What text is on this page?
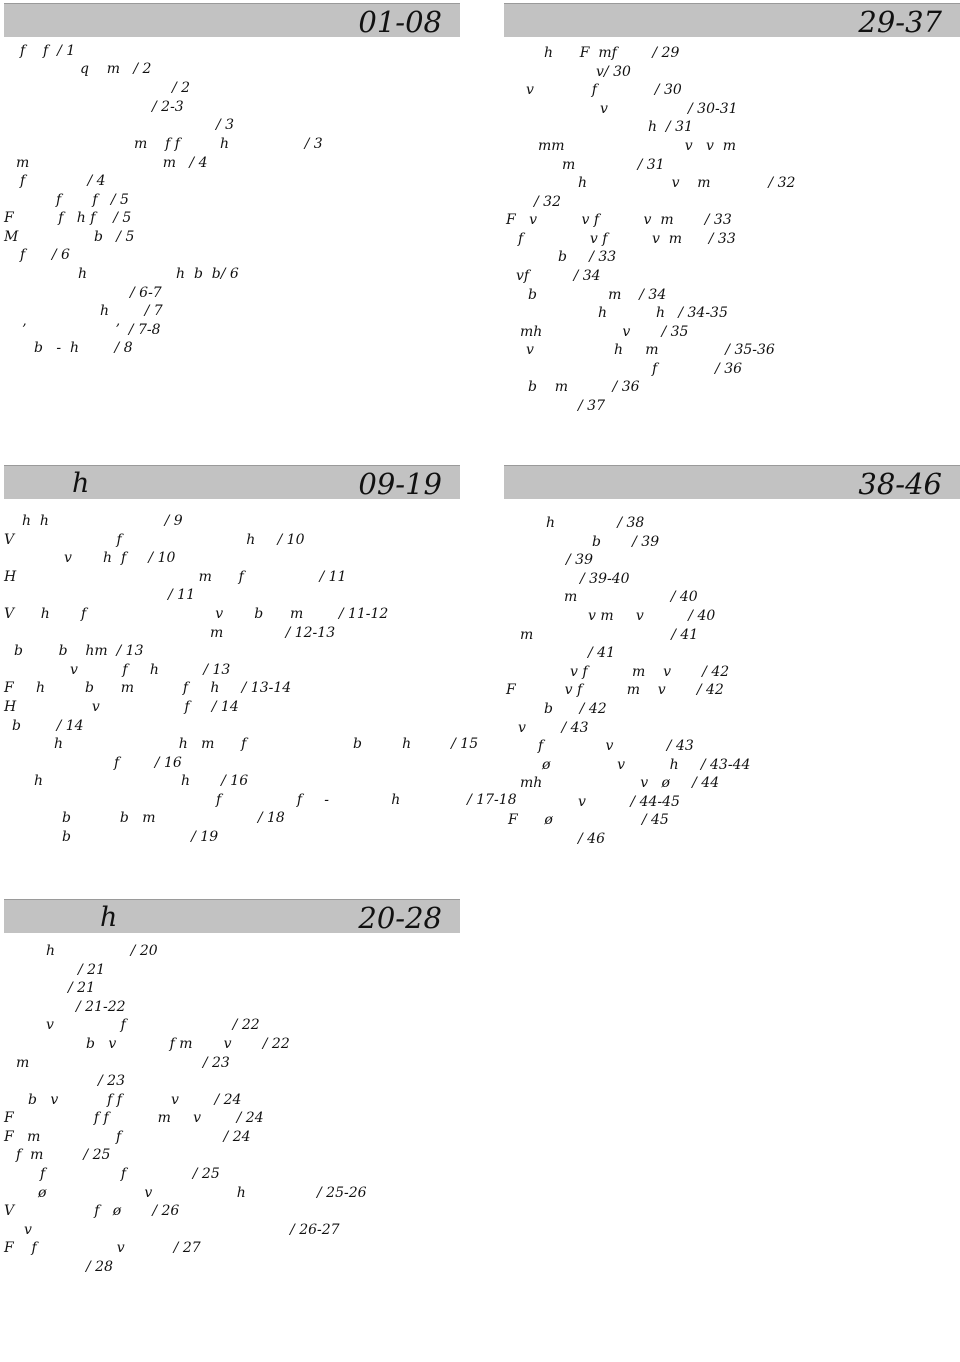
01-08
f    f  / 1
q    m   / 2
/ 2
/ 2-3
/ 3
m    f f         h                 / 3
m                              m   / 4
f              / 4
f       f   / 5
F          f   h f    / 5
M                 b   / 5
f      / 6
h                    h  b  b/ 6
/ 6-7
h        / 7
’                    ’  / 7-8
b   -  h        / 8
29-37
h      F  mf        / 29
v/ 30
v             f             / 30
v                  / 30-31
h  / 31
mm                           v   v  m
m              / 31
h                   v    m             / 32
/ 32
F   v          v f          v  m       / 33
f               v f          v  m      / 33
b     / 33
vf          / 34
b                m    / 34
h           h   / 34-35
mh                  v       / 35
v                  h     m               / 35-36
f             / 36
b    m          / 36
/ 37
h	09-19
h  h                          / 9
V                       f                            h     / 10
v       h  f     / 10
H                                         m      f                 / 11
/ 11
V      h       f                             v       b      m        / 11-12
m              / 12-13
b        b    hm  / 13
v          f     h          / 13
F     h         b      m           f     h     / 13-14
H                 v                   f     / 14
b        / 14
h                          h   m      f                        b         h         / 15
f        / 16
h                               h       / 16
f                 f     -              h               / 17-18
b           b   m                       / 18
b                           / 19
38-46
h              / 38
b       / 39
/ 39
/ 39-40
m                     / 40
v m     v          / 40
m                               / 41
/ 41
v f          m    v       / 42
F           v f          m    v       / 42
b      / 42
v        / 43
f              v            / 43
ø               v          h     / 43-44
mh                      v   ø     / 44
v          / 44-45
F      ø                    / 45
/ 46
h	20-28
h                 / 20
/ 21
/ 21
/ 21-22
v               f                        / 22
b   v            f m       v       / 22
m                                       / 23
/ 23
b   v           f f           v        / 24
F                  f f           m     v        / 24
F   m                 f                       / 24
f  m         / 25
f                 f               / 25
ø                      v                   h                / 25-26
V                  f   ø       / 26
v                                                          / 26-27
F    f                  v           / 27
/ 28
